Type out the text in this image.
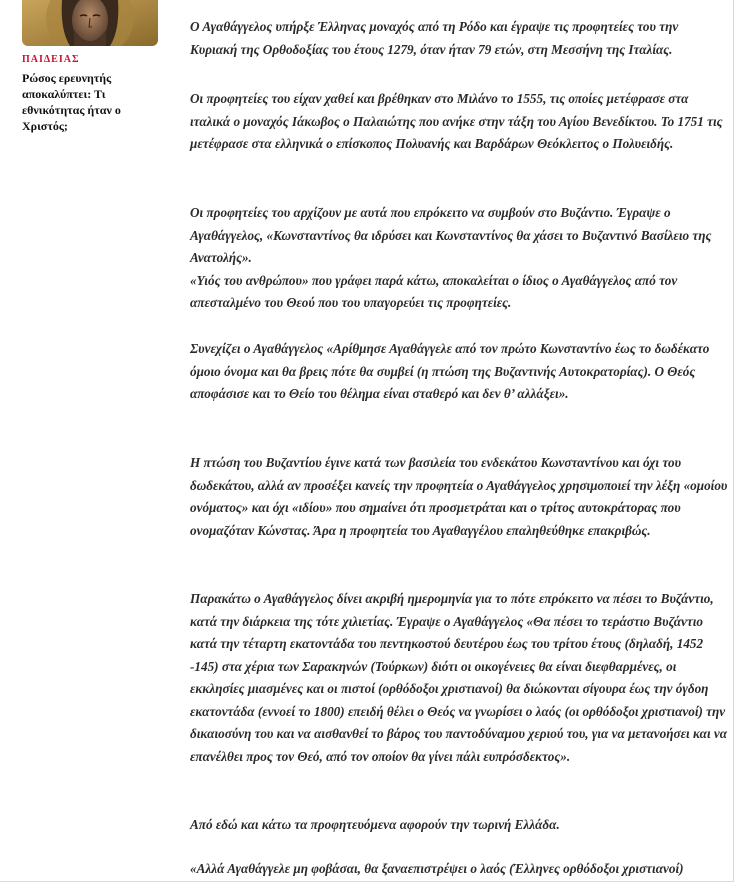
ΠΑΙΔΕΙΑΣ
Ρώσος ερευνητής αποκαλύπτει: Τι εθνικότητας ήταν ο Χριστός;

Ο Αγαθάγγελος υπήρξε Έλληνας μοναχός από τη Ρόδο και έγραψε τις προφητείες του την Κυριακή της Ορθοδοξίας του έτους 1279, όταν ήταν 79 ετών, στη Μεσσήνη της Ιταλίας.

Οι προφητείες του είχαν χαθεί και βρέθηκαν στο Μιλάνο το 1555, τις οποίες μετέφρασε στα ιταλικά ο μοναχός Ιάκωβος ο Παλαιώτης που ανήκε στην τάξη του Αγίου Βενεδίκτου. Το 1751 τις μετέφρασε στα ελληνικά ο επίσκοπος Πολυανής και Βαρδάρων Θεόκλειτος ο Πολυειδής.

Οι προφητείες του αρχίζουν με αυτά που επρόκειτο να συμβούν στο Βυζάντιο. Έγραψε ο Αγαθάγγελος, «Κωνσταντίνος θα ιδρύσει και Κωνσταντίνος θα χάσει το Βυζαντινό Βασίλειο της Ανατολής».
«Υιός του ανθρώπου» που γράφει παρά κάτω, αποκαλείται ο ίδιος ο Αγαθάγγελος από τον απεσταλμένο του Θεού που του υπαγορεύει τις προφητείες.

Συνεχίζει ο Αγαθάγγελος «Αρίθμησε Αγαθάγγελε από τον πρώτο Κωνσταντίνο έως το δωδέκατο όμοιο όνομα και θα βρεις πότε θα συμβεί (η πτώση της Βυζαντινής Αυτοκρατορίας). Ο Θεός αποφάσισε και το Θείο του θέλημα είναι σταθερό και δεν θ’ αλλάξει».

Η πτώση του Βυζαντίου έγινε κατά των βασιλεία του ενδεκάτου Κωνσταντίνου και όχι του δωδεκάτου, αλλά αν προσέξει κανείς την προφητεία ο Αγαθάγγελος χρησιμοποιεί την λέξη «ομοίου ονόματος» και όχι «ιδίου» που σημαίνει ότι προσμετράται και ο τρίτος αυτοκράτορας που ονομαζόταν Κώνστας. Άρα η προφητεία του Αγαθαγγέλου επαληθεύθηκε επακριβώς.

Παρακάτω ο Αγαθάγγελος δίνει ακριβή ημερομηνία για το πότε επρόκειτο να πέσει το Βυζάντιο, κατά την διάρκεια της τότε χιλιετίας. Έγραψε ο Αγαθάγγελος «Θα πέσει το τεράστιο Βυζάντιο κατά την τέταρτη εκατοντάδα του πεντηκοστού δευτέρου έως του τρίτου έτους (δηλαδή, 1452 -145) στα χέρια των Σαρακηνών (Τούρκων) διότι οι οικογένειες θα είναι διεφθαρμένες, οι εκκλησίες μιασμένες και οι πιστοί (ορθόδοξοι χριστιανοί) θα διώκονται σίγουρα έως την όγδοη εκατοντάδα (εννοεί το 1800) επειδή θέλει ο Θεός να γνωρίσει ο λαός (οι ορθόδοξοι χριστιανοί) την δικαιοσύνη του και να αισθανθεί το βάρος του παντοδύναμου χεριού του, για να μετανοήσει και να επανέλθει προς τον Θεό, από τον οποίον θα γίνει πάλι ευπρόσδεκτος».

Από εδώ και κάτω τα προφητευόμενα αφορούν την τωρινή Ελλάδα.

«Αλλά Αγαθάγγελε μη φοβάσαι, θα ξαναεπιστρέψει ο λαός (Έλληνες ορθόδοξοι χριστιανοί)
